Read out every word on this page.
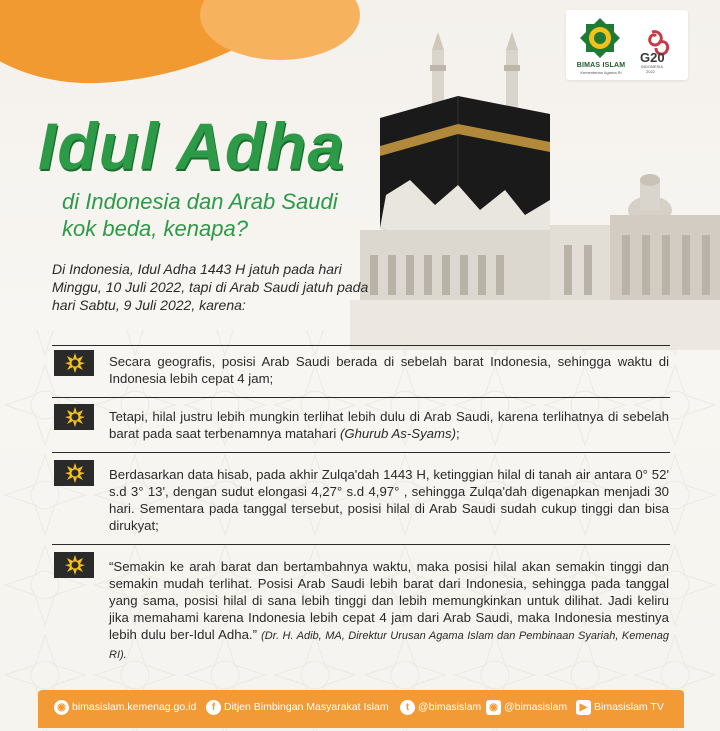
BIMAS ISLAM
Kementerian Agama RI
G20
INDONESIA
2022
Idul Adha
di Indonesia dan Arab Saudi
kok beda, kenapa?
Di Indonesia, Idul Adha 1443 H jatuh pada hari Minggu, 10 Juli 2022, tapi di Arab Saudi jatuh pada hari Sabtu, 9 Juli 2022, karena:
Secara geografis, posisi Arab Saudi berada di sebelah barat Indonesia, sehingga waktu di Indonesia lebih cepat 4 jam;
Tetapi, hilal justru lebih mungkin terlihat lebih dulu di Arab Saudi, karena terlihatnya di sebelah barat pada saat terbenamnya matahari (Ghurub As-Syams);
Berdasarkan data hisab, pada akhir Zulqa'dah 1443 H, ketinggian hilal di tanah air antara 0° 52' s.d 3° 13', dengan sudut elongasi 4,27° s.d 4,97° , sehingga Zulqa'dah digenapkan menjadi 30 hari. Sementara pada tanggal tersebut, posisi hilal di Arab Saudi sudah cukup tinggi dan bisa dirukyat;
“Semakin ke arah barat dan bertambahnya waktu, maka posisi hilal akan semakin tinggi dan semakin mudah terlihat. Posisi Arab Saudi lebih barat dari Indonesia, sehingga pada tanggal yang sama, posisi hilal di sana lebih tinggi dan lebih memungkinkan untuk dilihat. Jadi keliru jika memahami karena Indonesia lebih cepat 4 jam dari Arab Saudi, maka Indonesia mestinya lebih dulu ber-Idul Adha.” (Dr. H. Adib, MA, Direktur Urusan Agama Islam dan Pembinaan Syariah, Kemenag RI).
◉ bimasislam.kemenag.go.id	f Ditjen Bimbingan Masyarakat Islam	t @bimasislam ◉ @bimasislam	▶ Bimasislam TV
